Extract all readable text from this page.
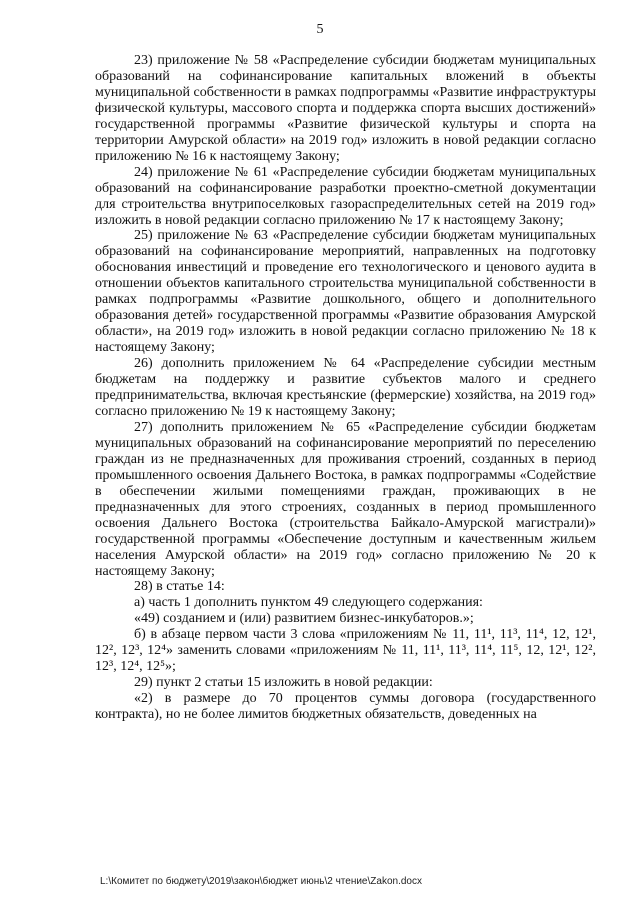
5

23) приложение № 58 «Распределение субсидии бюджетам муниципальных образований на софинансирование капитальных вложений в объекты муниципальной собственности в рамках подпрограммы «Развитие инфраструктуры физической культуры, массового спорта и поддержка спорта высших достижений» государственной программы «Развитие физической культуры и спорта на территории Амурской области» на 2019 год» изложить в новой редакции согласно приложению № 16 к настоящему Закону;

24) приложение № 61 «Распределение субсидии бюджетам муниципальных образований на софинансирование разработки проектно-сметной документации для строительства внутрипоселковых газораспределительных сетей на 2019 год» изложить в новой редакции согласно приложению № 17 к настоящему Закону;

25) приложение № 63 «Распределение субсидии бюджетам муниципальных образований на софинансирование мероприятий, направленных на подготовку обоснования инвестиций и проведение его технологического и ценового аудита в отношении объектов капитального строительства муниципальной собственности в рамках подпрограммы «Развитие дошкольного, общего и дополнительного образования детей» государственной программы «Развитие образования Амурской области», на 2019 год» изложить в новой редакции согласно приложению № 18 к настоящему Закону;

26) дополнить приложением № 64 «Распределение субсидии местным бюджетам на поддержку и развитие субъектов малого и среднего предпринимательства, включая крестьянские (фермерские) хозяйства, на 2019 год» согласно приложению № 19 к настоящему Закону;

27) дополнить приложением № 65 «Распределение субсидии бюджетам муниципальных образований на софинансирование мероприятий по переселению граждан из не предназначенных для проживания строений, созданных в период промышленного освоения Дальнего Востока, в рамках подпрограммы «Содействие в обеспечении жилыми помещениями граждан, проживающих в не предназначенных для этого строениях, созданных в период промышленного освоения Дальнего Востока (строительства Байкало-Амурской магистрали)» государственной программы «Обеспечение доступным и качественным жильем населения Амурской области» на 2019 год» согласно приложению № 20 к настоящему Закону;

28) в статье 14:

а) часть 1 дополнить пунктом 49 следующего содержания:

«49) созданием и (или) развитием бизнес-инкубаторов.»;

б) в абзаце первом части 3 слова «приложениям № 11, 11¹, 11³, 11⁴, 12, 12¹, 12², 12³, 12⁴» заменить словами «приложениям № 11, 11¹, 11³, 11⁴, 11⁵, 12, 12¹, 12², 12³, 12⁴, 12⁵»;

29) пункт 2 статьи 15 изложить в новой редакции:

«2) в размере до 70 процентов суммы договора (государственного контракта), но не более лимитов бюджетных обязательств, доведенных на

L:\Комитет по бюджету\2019\закон\бюджет июнь\2 чтение\Zakon.docx
